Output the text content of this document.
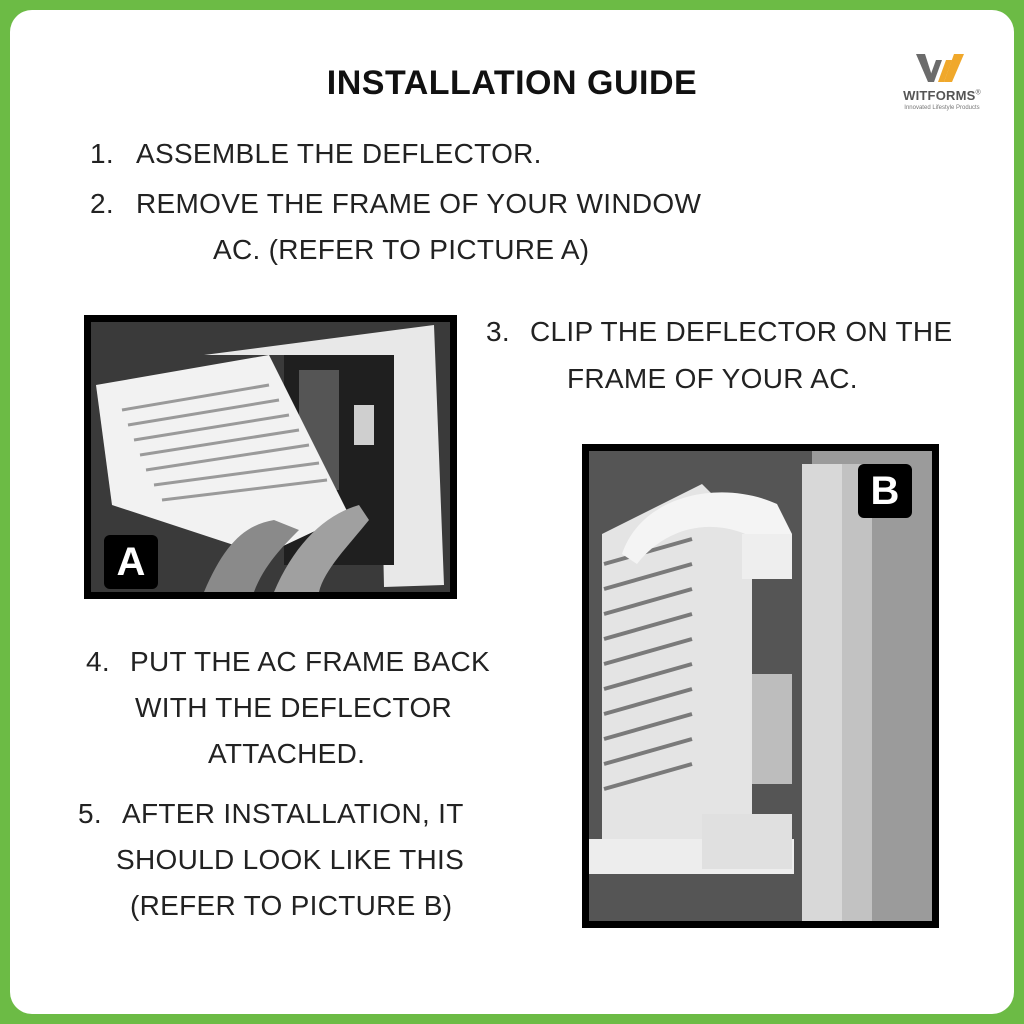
INSTALLATION GUIDE	WITFORMS®
Innovated Lifestyle Products
1. ASSEMBLE THE DEFLECTOR.
2. REMOVE THE FRAME OF YOUR WINDOW
AC. (REFER TO PICTURE A)
A
3. CLIP THE DEFLECTOR ON THE
FRAME OF YOUR AC.
B
4. PUT THE AC FRAME BACK
WITH THE DEFLECTOR
ATTACHED.
5. AFTER INSTALLATION, IT
SHOULD LOOK LIKE THIS
(REFER TO PICTURE B)
